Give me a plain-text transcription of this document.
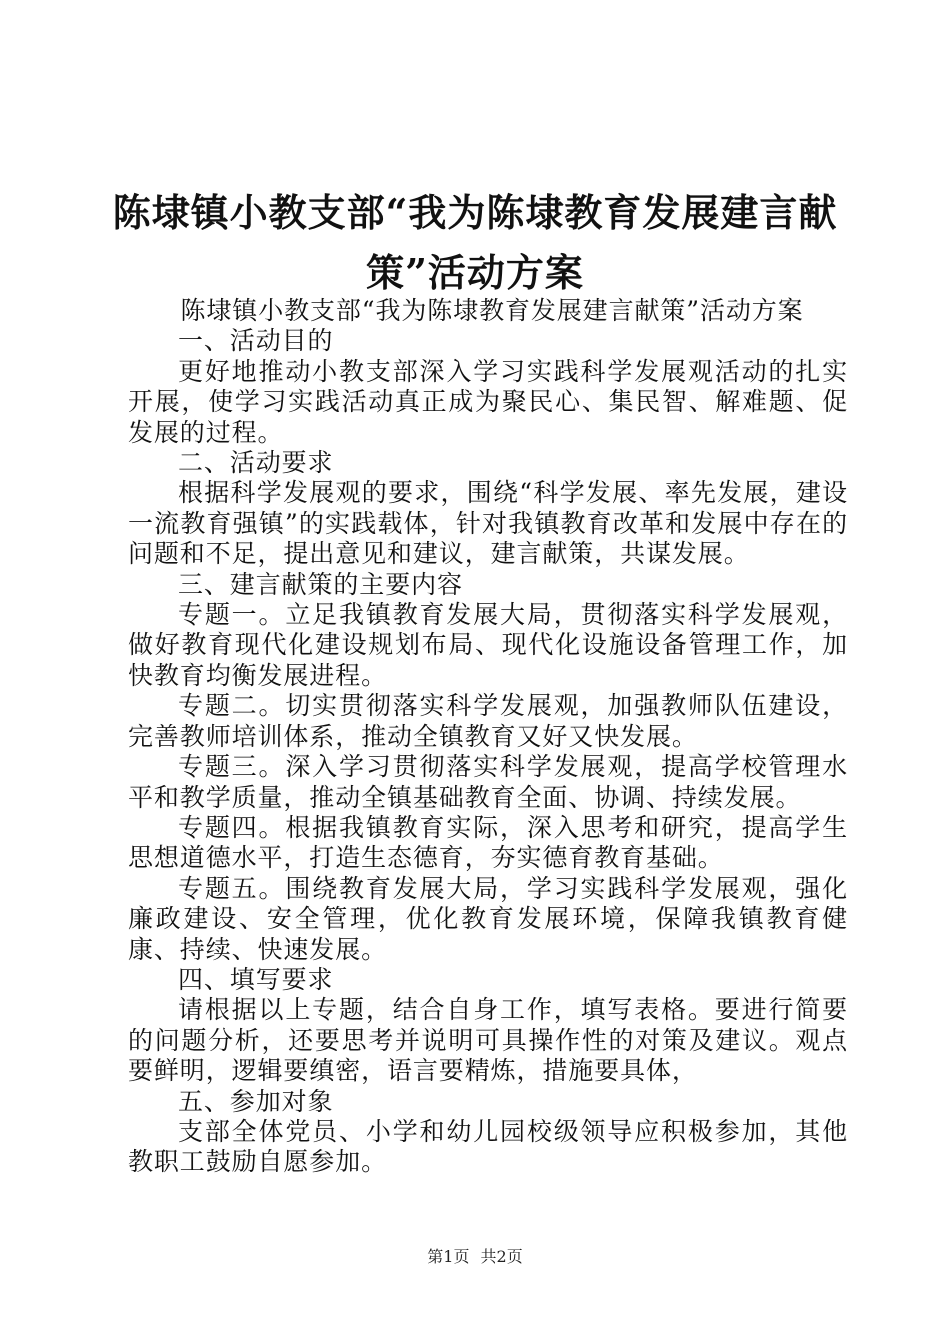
陈埭镇小教支部“我为陈埭教育发展建言献
策”活动方案

陈埭镇小教支部“我为陈埭教育发展建言献策”活动方案

一、活动目的

更好地推动小教支部深入学习实践科学发展观活动的扎实开展，使学习实践活动真正成为聚民心、集民智、解难题、促发展的过程。

二、活动要求

根据科学发展观的要求，围绕“科学发展、率先发展，建设一流教育强镇”的实践载体，针对我镇教育改革和发展中存在的问题和不足，提出意见和建议，建言献策，共谋发展。

三、建言献策的主要内容

专题一。立足我镇教育发展大局，贯彻落实科学发展观，做好教育现代化建设规划布局、现代化设施设备管理工作，加快教育均衡发展进程。

专题二。切实贯彻落实科学发展观，加强教师队伍建设，完善教师培训体系，推动全镇教育又好又快发展。

专题三。深入学习贯彻落实科学发展观，提高学校管理水平和教学质量，推动全镇基础教育全面、协调、持续发展。

专题四。根据我镇教育实际，深入思考和研究，提高学生思想道德水平，打造生态德育，夯实德育教育基础。

专题五。围绕教育发展大局，学习实践科学发展观，强化廉政建设、安全管理，优化教育发展环境，保障我镇教育健康、持续、快速发展。

四、填写要求

请根据以上专题，结合自身工作，填写表格。要进行简要的问题分析，还要思考并说明可具操作性的对策及建议。观点要鲜明，逻辑要缜密，语言要精炼，措施要具体，

五、参加对象

支部全体党员、小学和幼儿园校级领导应积极参加，其他教职工鼓励自愿参加。

第1页 共2页
